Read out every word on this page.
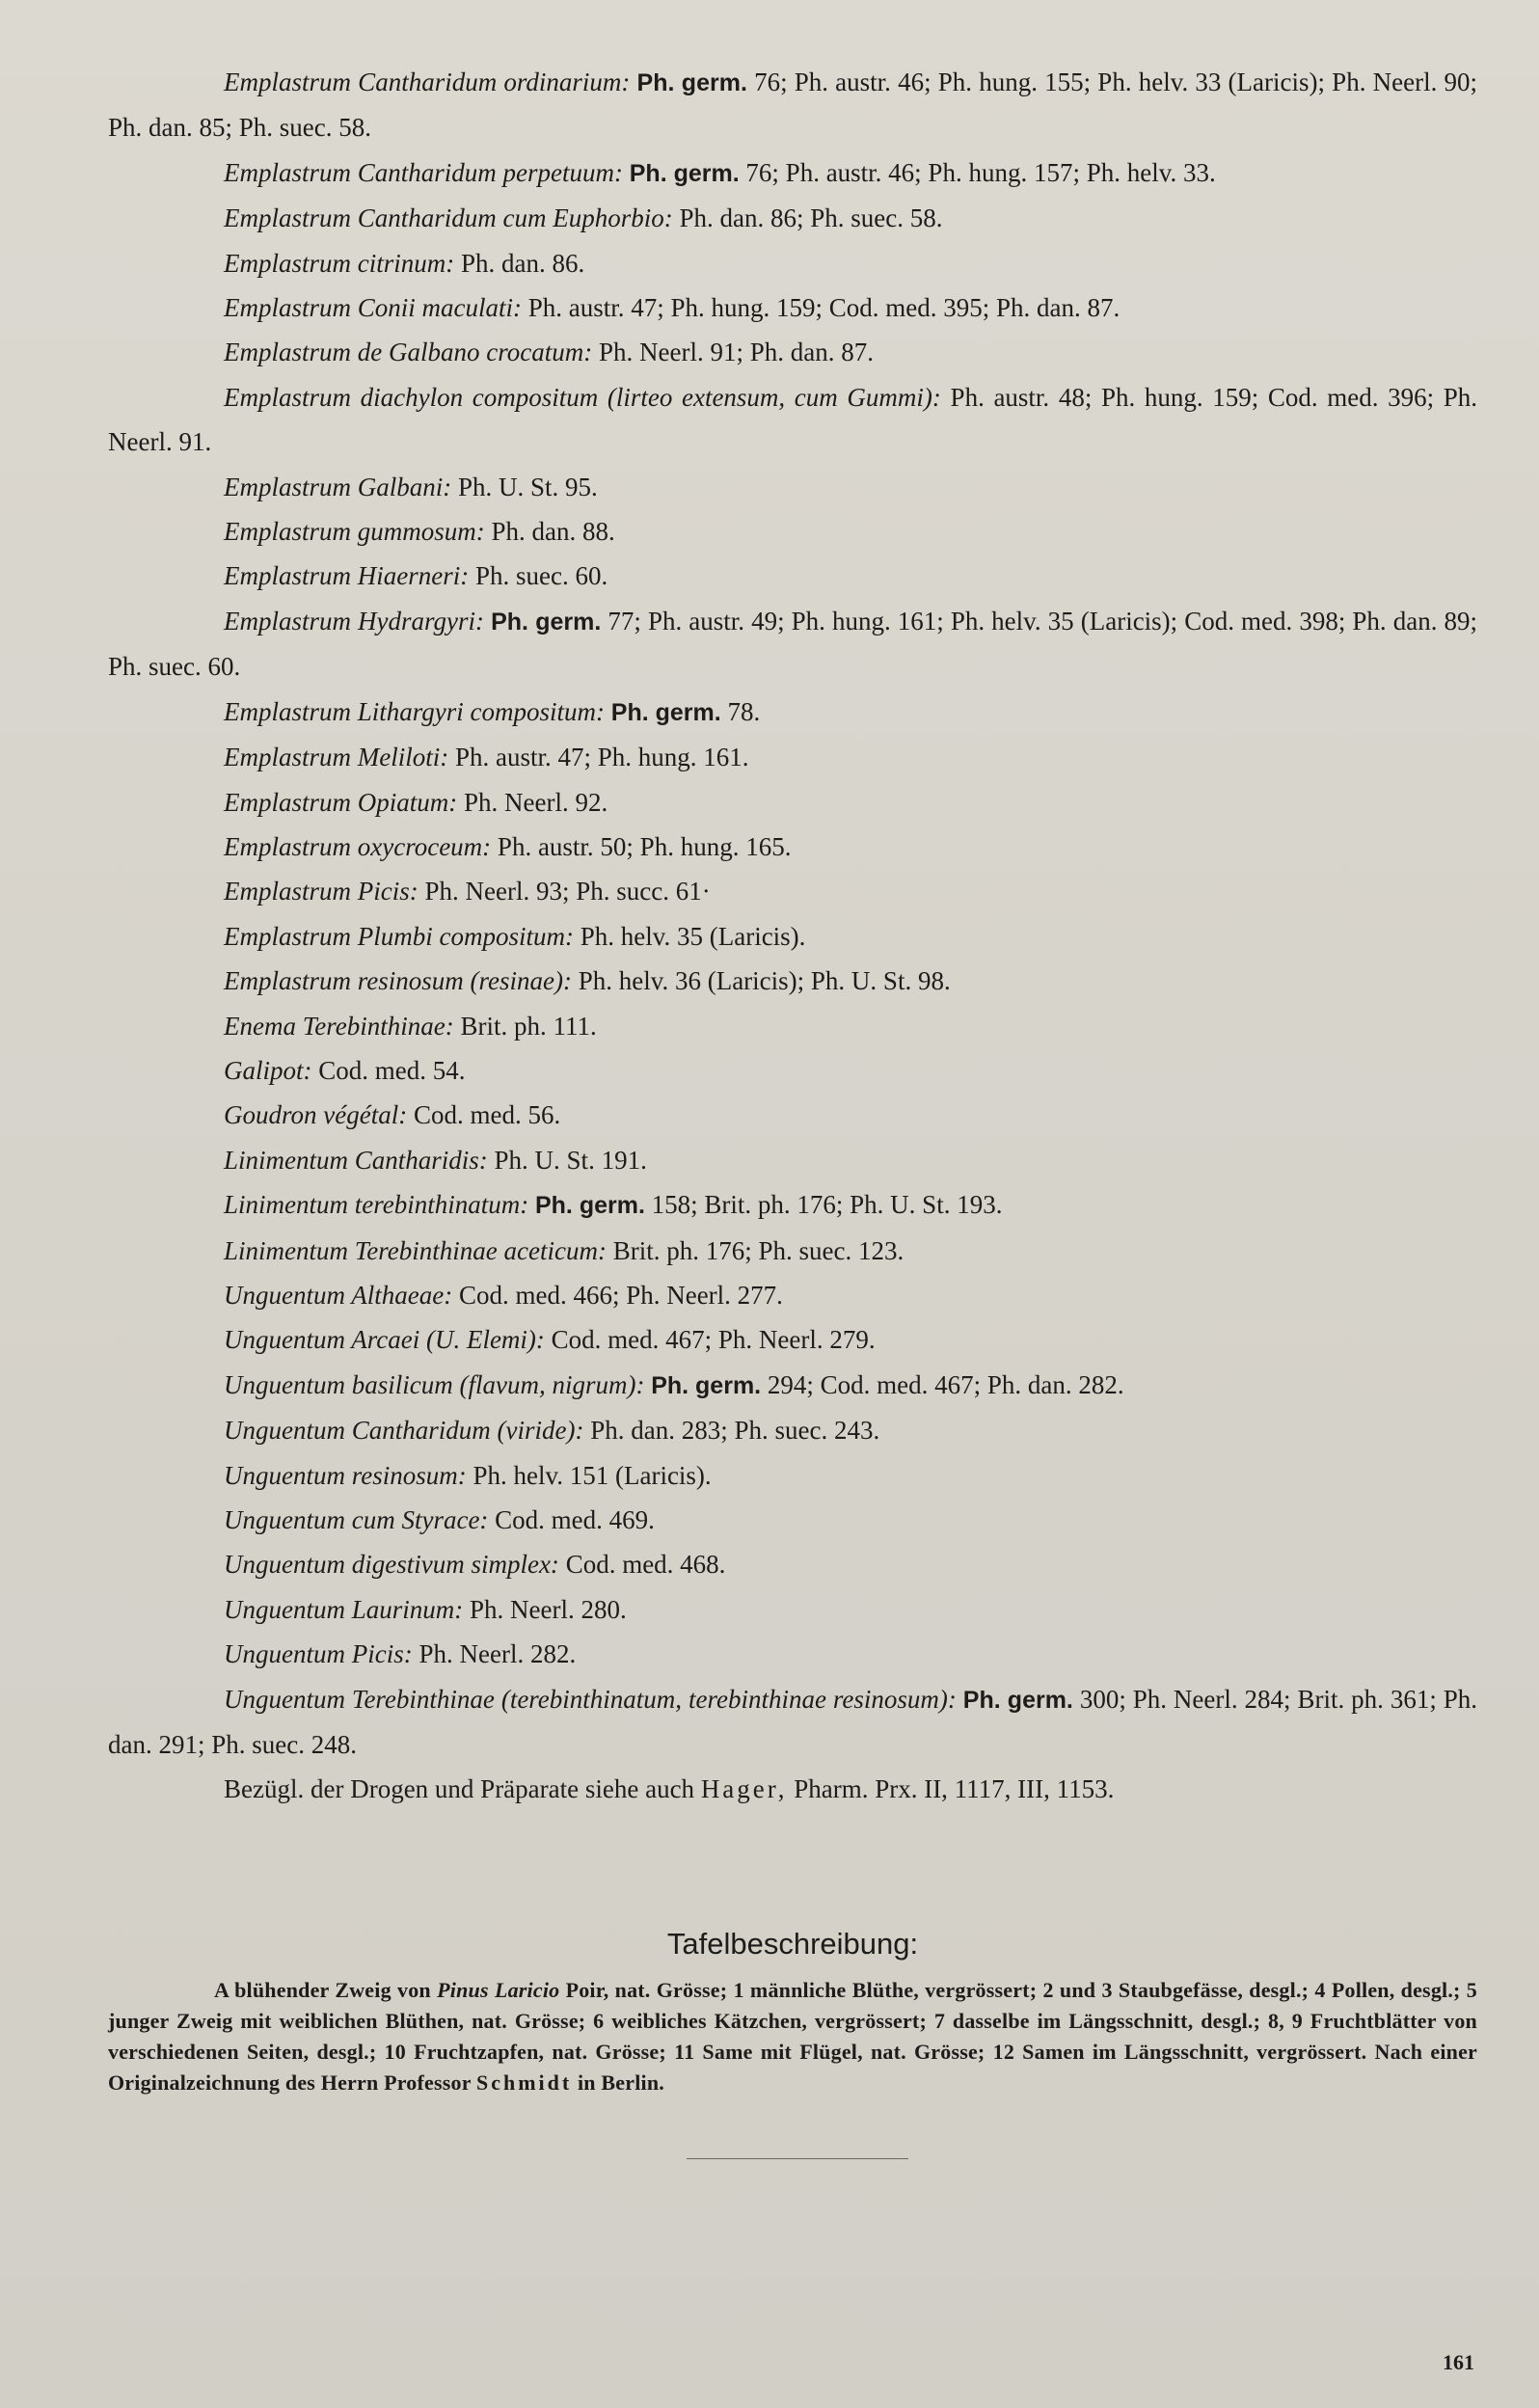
Emplastrum Cantharidum ordinarium: Ph. germ. 76; Ph. austr. 46; Ph. hung. 155; Ph. helv. 33 (Laricis); Ph. Neerl. 90; Ph. dan. 85; Ph. suec. 58.

Emplastrum Cantharidum perpetuum: Ph. germ. 76; Ph. austr. 46; Ph. hung. 157; Ph. helv. 33.

Emplastrum Cantharidum cum Euphorbio: Ph. dan. 86; Ph. suec. 58.

Emplastrum citrinum: Ph. dan. 86.

Emplastrum Conii maculati: Ph. austr. 47; Ph. hung. 159; Cod. med. 395; Ph. dan. 87.

Emplastrum de Galbano crocatum: Ph. Neerl. 91; Ph. dan. 87.

Emplastrum diachylon compositum (lirteo extensum, cum Gummi): Ph. austr. 48; Ph. hung. 159; Cod. med. 396; Ph. Neerl. 91.

Emplastrum Galbani: Ph. U. St. 95.

Emplastrum gummosum: Ph. dan. 88.

Emplastrum Hiaerneri: Ph. suec. 60.

Emplastrum Hydrargyri: Ph. germ. 77; Ph. austr. 49; Ph. hung. 161; Ph. helv. 35 (Laricis); Cod. med. 398; Ph. dan. 89; Ph. suec. 60.

Emplastrum Lithargyri compositum: Ph. germ. 78.

Emplastrum Meliloti: Ph. austr. 47; Ph. hung. 161.

Emplastrum Opiatum: Ph. Neerl. 92.

Emplastrum oxycroceum: Ph. austr. 50; Ph. hung. 165.

Emplastrum Picis: Ph. Neerl. 93; Ph. succ. 61·

Emplastrum Plumbi compositum: Ph. helv. 35 (Laricis).

Emplastrum resinosum (resinae): Ph. helv. 36 (Laricis); Ph. U. St. 98.

Enema Terebinthinae: Brit. ph. 111.

Galipot: Cod. med. 54.

Goudron végétal: Cod. med. 56.

Linimentum Cantharidis: Ph. U. St. 191.

Linimentum terebinthinatum: Ph. germ. 158; Brit. ph. 176; Ph. U. St. 193.

Linimentum Terebinthinae aceticum: Brit. ph. 176; Ph. suec. 123.

Unguentum Althaeae: Cod. med. 466; Ph. Neerl. 277.

Unguentum Arcaei (U. Elemi): Cod. med. 467; Ph. Neerl. 279.

Unguentum basilicum (flavum, nigrum): Ph. germ. 294; Cod. med. 467; Ph. dan. 282.

Unguentum Cantharidum (viride): Ph. dan. 283; Ph. suec. 243.

Unguentum resinosum: Ph. helv. 151 (Laricis).

Unguentum cum Styrace: Cod. med. 469.

Unguentum digestivum simplex: Cod. med. 468.

Unguentum Laurinum: Ph. Neerl. 280.

Unguentum Picis: Ph. Neerl. 282.

Unguentum Terebinthinae (terebinthinatum, terebinthinae resinosum): Ph. germ. 300; Ph. Neerl. 284; Brit. ph. 361; Ph. dan. 291; Ph. suec. 248.

Bezügl. der Drogen und Präparate siehe auch Hager, Pharm. Prx. II, 1117, III, 1153.

Tafelbeschreibung:

A blühender Zweig von Pinus Laricio Poir, nat. Grösse; 1 männliche Blüthe, vergrössert; 2 und 3 Staubgefässe, desgl.; 4 Pollen, desgl.; 5 junger Zweig mit weiblichen Blüthen, nat. Grösse; 6 weibliches Kätzchen, vergrössert; 7 dasselbe im Längsschnitt, desgl.; 8, 9 Fruchtblätter von verschiedenen Seiten, desgl.; 10 Fruchtzapfen, nat. Grösse; 11 Same mit Flügel, nat. Grösse; 12 Samen im Längsschnitt, vergrössert. Nach einer Originalzeichnung des Herrn Professor Schmidt in Berlin.

161
